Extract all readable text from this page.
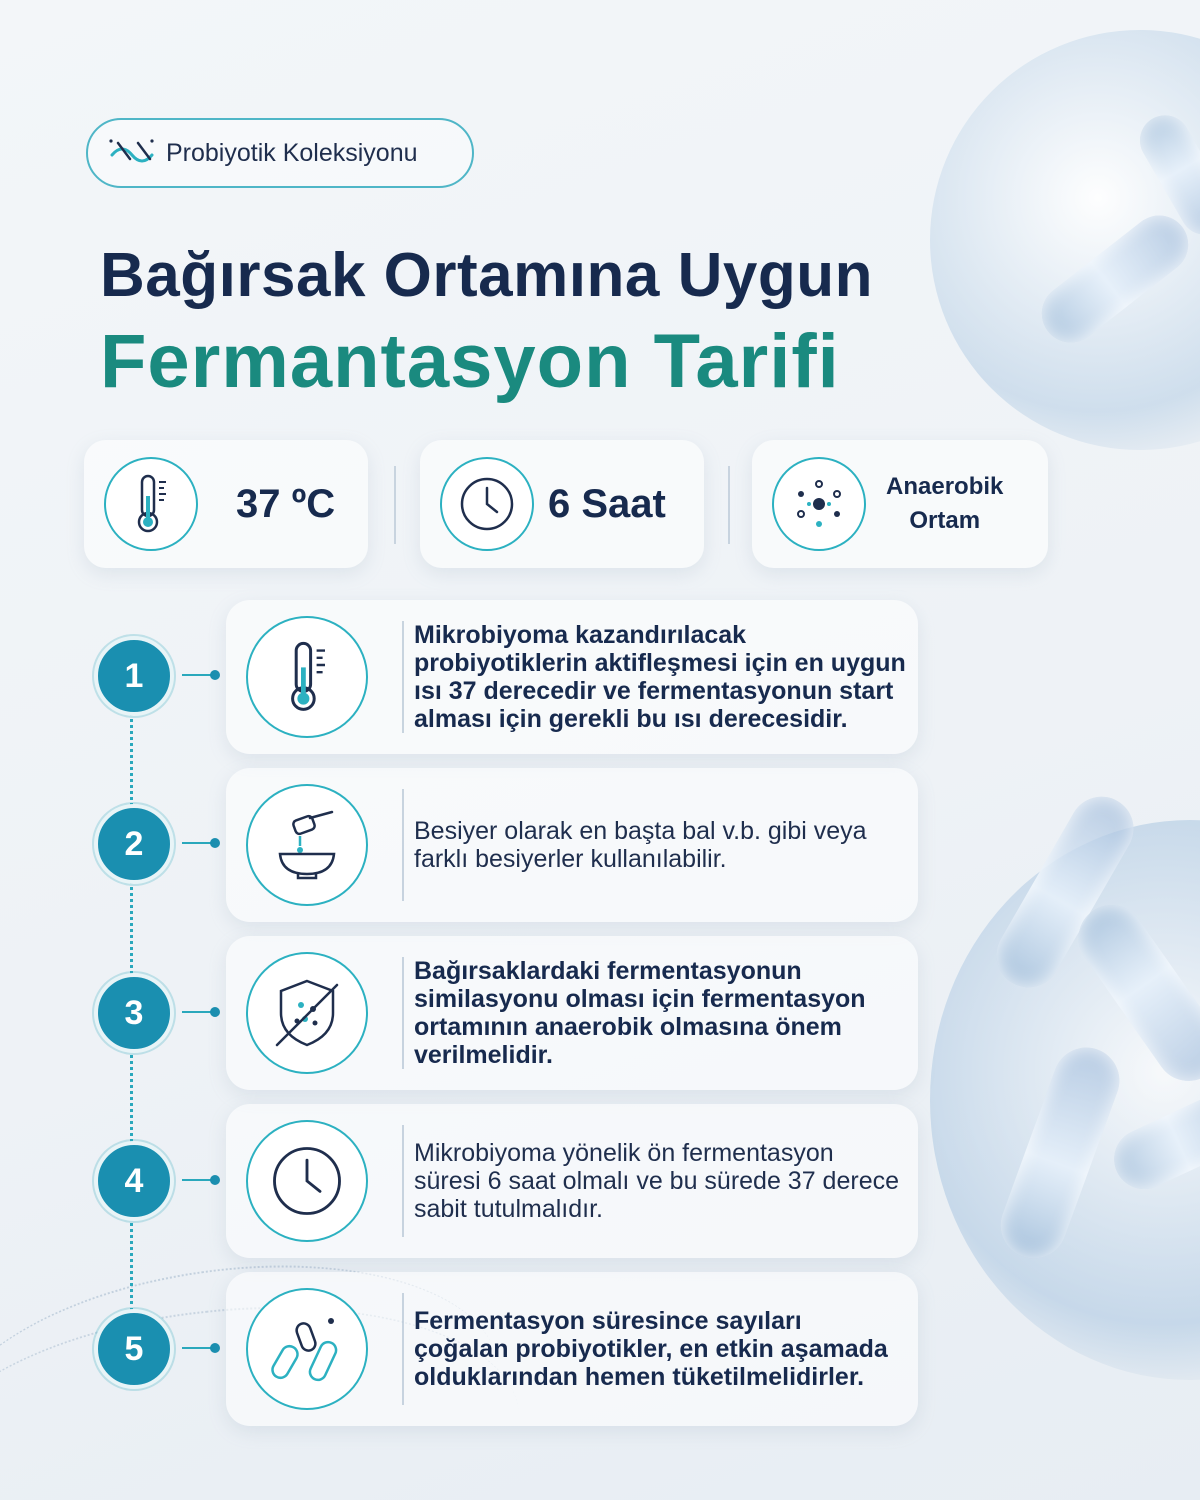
Probiyotik Koleksiyonu
Bağırsak Ortamına Uygun
Fermantasyon Tarifi
37 ºC	6 Saat	Anaerobik
Ortam
1
Mikrobiyoma kazandırılacak probiyotiklerin aktifleşmesi için en uygun ısı 37 derecedir ve fermentasyonun start alması için gerekli bu ısı derecesidir.
2	Besiyer olarak en başta bal v.b. gibi veya farklı besiyerler kullanılabilir.
3
Bağırsaklardaki fermentasyonun similasyonu olması için fermentasyon ortamının anaerobik olmasına önem verilmelidir.
4
Mikrobiyoma yönelik ön fermentasyon süresi 6 saat olmalı ve bu sürede 37 derece sabit tutulmalıdır.
5
Fermentasyon süresince sayıları çoğalan probiyotikler, en etkin aşamada olduklarından hemen tüketilmelidirler.
